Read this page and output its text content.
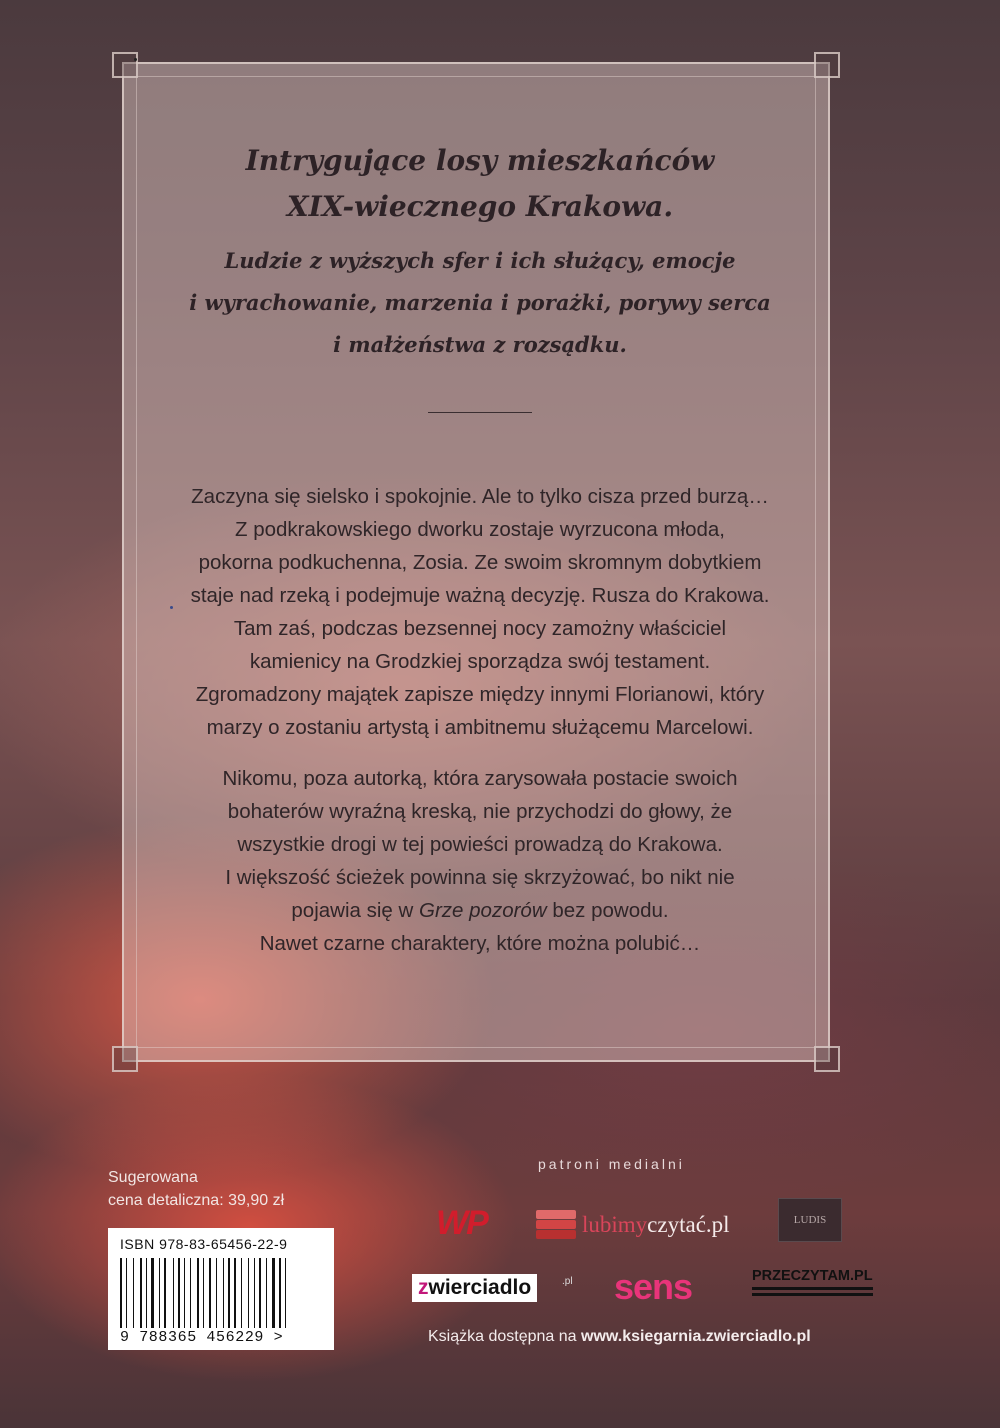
Intrygujące losy mieszkańców
XIX-wiecznego Krakowa.
Ludzie z wyższych sfer i ich służący, emocje
i wyrachowanie, marzenia i porażki, porywy serca
i małżeństwa z rozsądku.
Zaczyna się sielsko i spokojnie. Ale to tylko cisza przed burzą…
Z podkrakowskiego dworku zostaje wyrzucona młoda,
pokorna podkuchenna, Zosia. Ze swoim skromnym dobytkiem
staje nad rzeką i podejmuje ważną decyzję. Rusza do Krakowa.
Tam zaś, podczas bezsennej nocy zamożny właściciel
kamienicy na Grodzkiej sporządza swój testament.
Zgromadzony majątek zapisze między innymi Florianowi, który
marzy o zostaniu artystą i ambitnemu służącemu Marcelowi.
Nikomu, poza autorką, która zarysowała postacie swoich
bohaterów wyraźną kreską, nie przychodzi do głowy, że
wszystkie drogi w tej powieści prowadzą do Krakowa.
I większość ścieżek powinna się skrzyżować, bo nikt nie
pojawia się w Grze pozorów bez powodu.
Nawet czarne charaktery, które można polubić…
Sugerowana
cena detaliczna: 39,90 zł
ISBN 978-83-65456-22-9
9 788365 456229 >
patroni medialni
WP	lubimyczytać.pl	LUDIS
zwierciadlo	.pl sens	PRZECZYTAM.PL
Książka dostępna na www.ksiegarnia.zwierciadlo.pl
